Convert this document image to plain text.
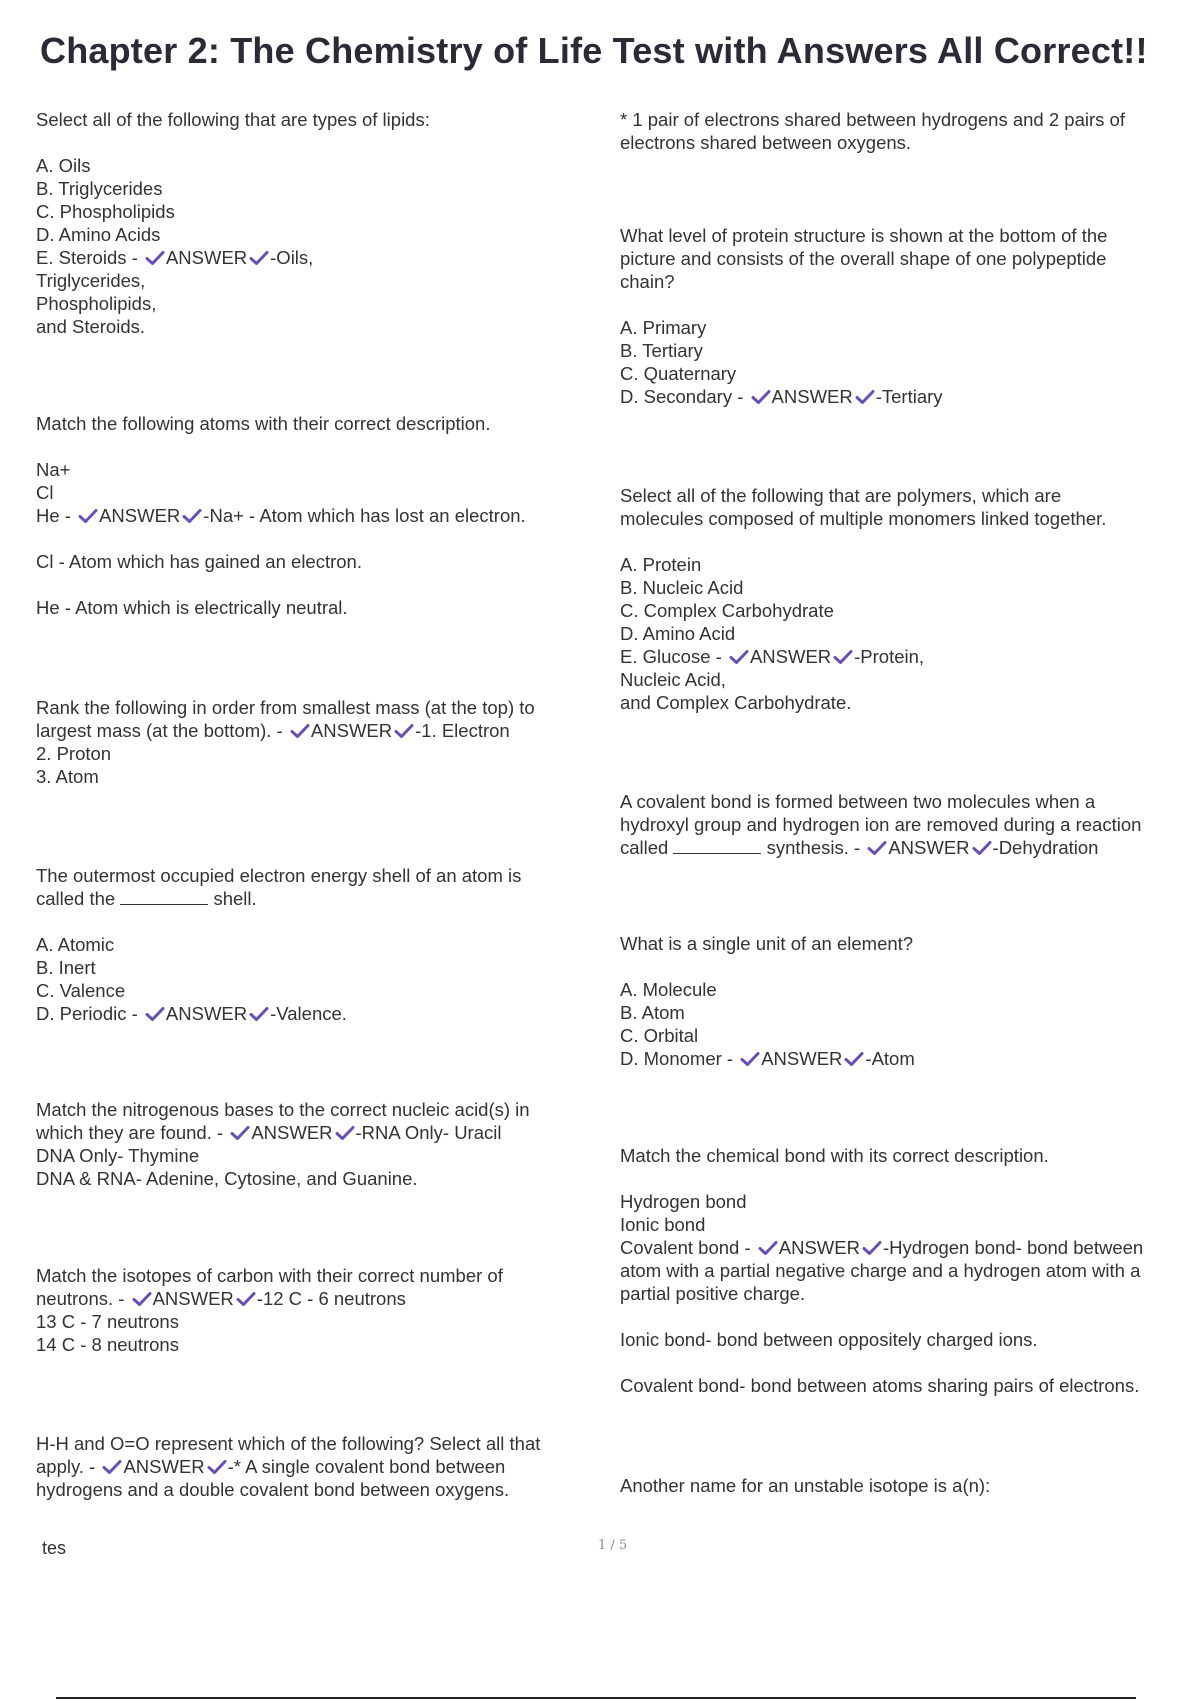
Chapter 2: The Chemistry of Life Test with Answers All Correct!!

Select all of the following that are types of lipids:

A. Oils

B. Triglycerides

C. Phospholipids

D. Amino Acids

E. Steroids -
ANSWER -Oils,

Triglycerides,

Phospholipids,

and Steroids.

Match the following atoms with their correct description.

Na+

Cl

He -
ANSWER -Na+ - Atom which has lost an electron.

Cl - Atom which has gained an electron.

He - Atom which is electrically neutral.

Rank the following in order from smallest mass (at the top) to

largest mass (at the bottom). -
ANSWER -1. Electron

2. Proton

3. Atom

The outermost occupied electron energy shell of an atom is

called the	shell.

A. Atomic

B. Inert

C. Valence

D. Periodic -
ANSWER -Valence.

Match the nitrogenous bases to the correct nucleic acid(s) in

which they are found. -
ANSWER -RNA Only- Uracil

DNA Only- Thymine

DNA & RNA- Adenine, Cytosine, and Guanine.

Match the isotopes of carbon with their correct number of

neutrons. -
ANSWER -12 C - 6 neutrons

13 C - 7 neutrons

14 C - 8 neutrons

H-H and O=O represent which of the following? Select all that

apply. -
ANSWER -* A single covalent bond between

hydrogens and a double covalent bond between oxygens.

* 1 pair of electrons shared between hydrogens and 2 pairs of

electrons shared between oxygens.

What level of protein structure is shown at the bottom of the

picture and consists of the overall shape of one polypeptide

chain?

A. Primary

B. Tertiary

C. Quaternary

D. Secondary -
ANSWER -Tertiary

Select all of the following that are polymers, which are

molecules composed of multiple monomers linked together.

A. Protein

B. Nucleic Acid

C. Complex Carbohydrate

D. Amino Acid

E. Glucose -
ANSWER -Protein,

Nucleic Acid,

and Complex Carbohydrate.

A covalent bond is formed between two molecules when a

hydroxyl group and hydrogen ion are removed during a reaction

called	synthesis. -
ANSWER -Dehydration

What is a single unit of an element?

A. Molecule

B. Atom

C. Orbital

D. Monomer -
ANSWER -Atom

Match the chemical bond with its correct description.

Hydrogen bond

Ionic bond

Covalent bond -
ANSWER -Hydrogen bond- bond between

atom with a partial negative charge and a hydrogen atom with a

partial positive charge.

Ionic bond- bond between oppositely charged ions.

Covalent bond- bond between atoms sharing pairs of electrons.

Another name for an unstable isotope is a(n):

tes	1 / 5
